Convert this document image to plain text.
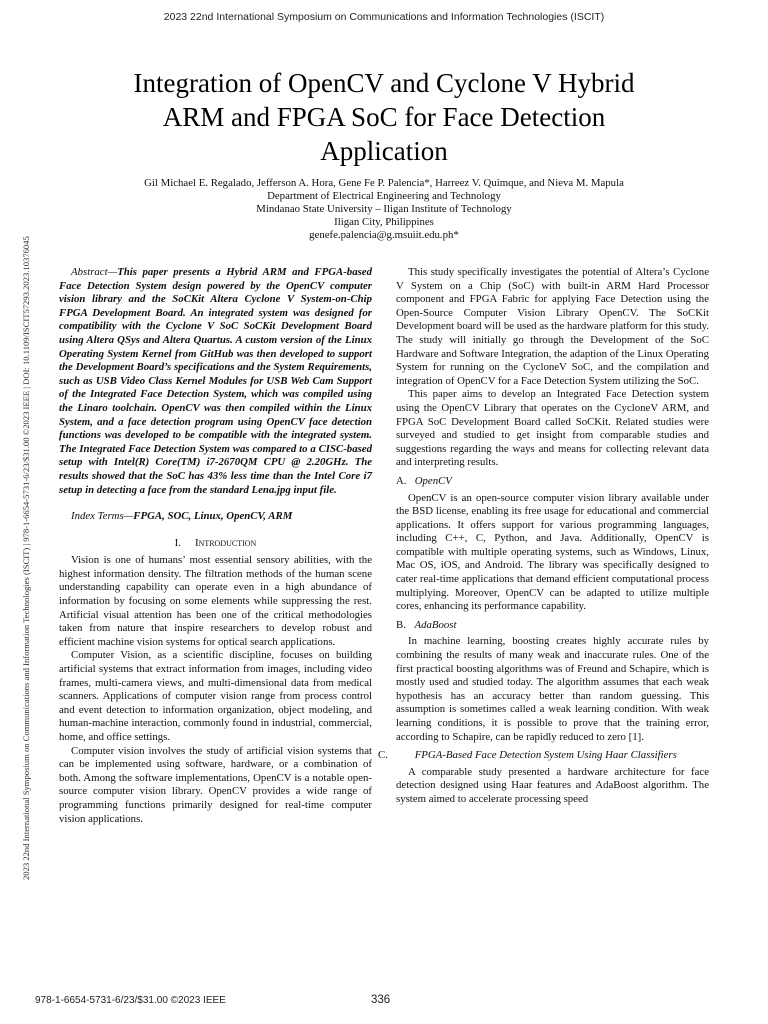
2023 22nd International Symposium on Communications and Information Technologies (ISCIT)
2023 22nd International Symposium on Communications and Information Technologies (ISCIT) | 978-1-6654-5731-6/23/$31.00 ©2023 IEEE | DOI: 10.1109/ISCIT57293.2023.10376045
Integration of OpenCV and Cyclone V Hybrid
ARM and FPGA SoC for Face Detection
Application
Gil Michael E. Regalado, Jefferson A. Hora, Gene Fe P. Palencia*, Harreez V. Quimque, and Nieva M. Mapula
Department of Electrical Engineering and Technology
Mindanao State University – Iligan Institute of Technology
Iligan City, Philippines
genefe.palencia@g.msuiit.edu.ph*

Abstract—This paper presents a Hybrid ARM and FPGA-based Face Detection System design powered by the OpenCV computer vision library and the SoCKit Altera Cyclone V System-on-Chip FPGA Development Board. An integrated system was designed for compatibility with the Cyclone V SoC SoCKit Development Board using Altera QSys and Altera Quartus. A custom version of the Linux Operating System Kernel from GitHub was then developed to support the Development Board’s specifications and the System Requirements, such as USB Video Class Kernel Modules for USB Web Cam Support of the Integrated Face Detection System, which was compiled using the Linaro toolchain. OpenCV was then compiled within the Linux System, and a face detection program using OpenCV face detection functions was developed to be compatible with the integrated system. The Integrated Face Detection System was compared to a CISC-based setup with Intel(R) Core(TM) i7-2670QM CPU @ 2.20GHz. The results showed that the SoC has 43% less time than the Intel Core i7 setup in detecting a face from the standard Lena.jpg input file.

Index Terms—FPGA, SOC, Linux, OpenCV, ARM

I. Introduction

Vision is one of humans’ most essential sensory abilities, with the highest information density. The filtration methods of the human scene understanding capability can operate even in a high abundance of information by focusing on some elements while suppressing the rest. Artificial visual attention has been one of the critical methodologies taken from nature that inspire researchers to develop robust and efficient machine vision systems for optical search applications.

Computer Vision, as a scientific discipline, focuses on building artificial systems that extract information from images, including video frames, multi-camera views, and multi-dimensional data from medical scanners. Applications of computer vision range from process control and event detection to information organization, object modeling, and human-machine interaction, commonly found in industrial, commercial, home, and office settings.

Computer vision involves the study of artificial vision systems that can be implemented using software, hardware, or a combination of both. Among the software implementations, OpenCV is a notable open-source computer vision library. OpenCV provides a wide range of programming functions primarily designed for real-time computer vision applications.

This study specifically investigates the potential of Altera’s Cyclone V System on a Chip (SoC) with built-in ARM Hard Processor component and FPGA Fabric for applying Face Detection using the Open-Source Computer Vision Library OpenCV. The SoCKit Development board will be used as the hardware platform for this study. The study will initially go through the Development of the SoC Hardware and Software Integration, the adaption of the Linux Operating System for running on the CycloneV SoC, and the compilation and integration of OpenCV for a Face Detection System utilizing the SoC.

This paper aims to develop an Integrated Face Detection system using the OpenCV Library that operates on the CycloneV ARM, and FPGA SoC Development Board called SoCKit. Related studies were surveyed and studied to get insight from comparable studies and suggestions regarding the ways and means for collecting relevant data and interpreting results.

A. OpenCV

OpenCV is an open-source computer vision library available under the BSD license, enabling its free usage for educational and commercial applications. It offers support for various programming languages, including C++, C, Python, and Java. Additionally, OpenCV is compatible with multiple operating systems, such as Windows, Linux, Mac OS, iOS, and Android. The library was specifically designed to cater real-time applications that demand efficient computational process multiplying. Moreover, OpenCV can be adapted to utilize multiple cores, enhancing its performance capability.

B. AdaBoost

In machine learning, boosting creates highly accurate rules by combining the results of many weak and inaccurate rules. One of the first practical boosting algorithms was of Freund and Schapire, which is mostly used and studied today. The algorithm assumes that each weak hypothesis has an accuracy better than random guessing. This assumption is sometimes called a weak learning condition. With weak learning conditions, it is possible to prove that the training error, according to Schapire, can be rapidly reduced to zero [1].

C. FPGA-Based Face Detection System Using Haar Classifiers

A comparable study presented a hardware architecture for face detection designed using Haar features and AdaBoost algorithm. The system aimed to accelerate processing speed

978-1-6654-5731-6/23/$31.00 ©2023 IEEE	336
